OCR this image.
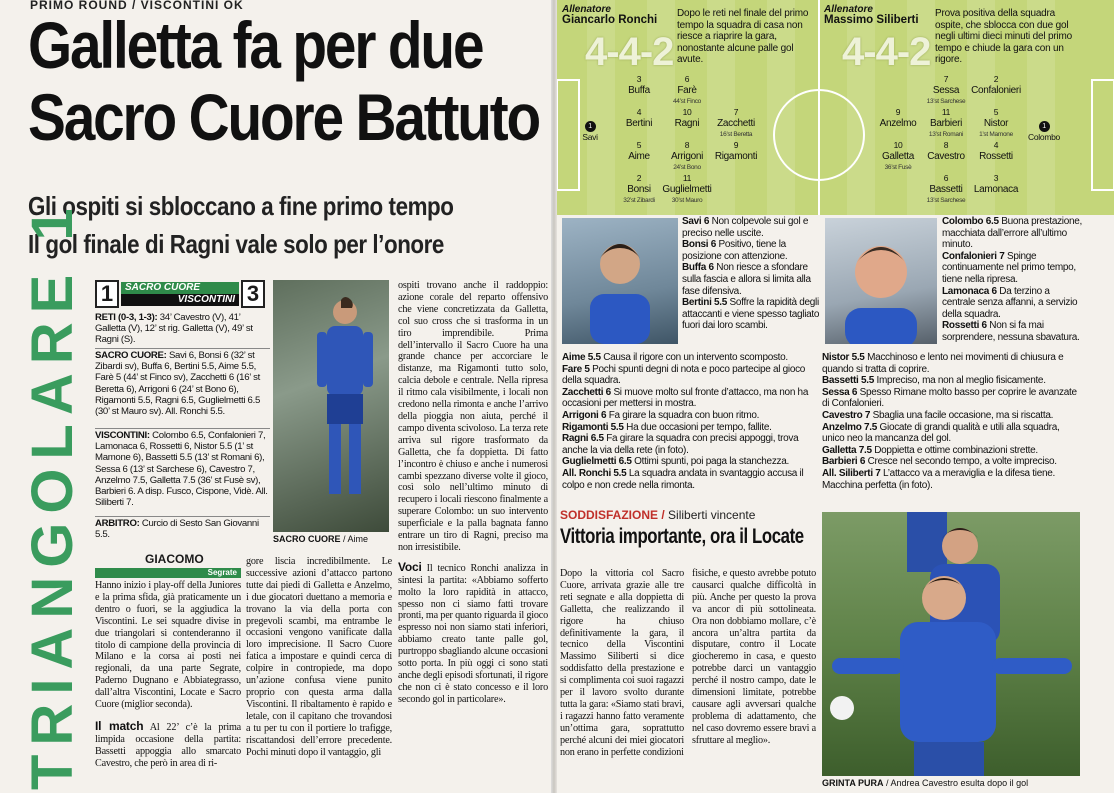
PRIMO ROUND / VISCONTINI OK
Galletta fa per due
Sacro Cuore Battuto
Gli ospiti si sbloccano a fine primo tempo
Il gol finale di Ragni vale solo per l’onore
TRIANGOLARE 1 1	SACRO CUORE
VISCONTINI 3
RETI (0-3, 1-3): 34’ Cavestro (V), 41’ Galletta (V), 12’ st rig. Galletta (V), 49’ st Ragni (S).
SACRO CUORE: Savi 6, Bonsi 6 (32’ st Zibardi sv), Buffa 6, Bertini 5.5, Aime 5.5, Farè 5 (44’ st Finco sv), Zacchetti 6 (16’ st Beretta 6), Arrigoni 6 (24’ st Bono 6), Rigamonti 5.5, Ragni 6.5, Guglielmetti 6.5 (30’ st Mauro sv). All. Ronchi 5.5.
VISCONTINI: Colombo 6.5, Confalonieri 7, Lamonaca 6, Rossetti 6, Nistor 5.5 (1’ st Mamone 6), Bassetti 5.5 (13’ st Romani 6), Sessa 6 (13’ st Sarchese 6), Cavestro 7, Anzelmo 7.5, Galletta 7.5 (36’ st Fusè sv), Barbieri 6. A disp. Fusco, Cispone, Vidè. All. Siliberti 7.
ARBITRO: Curcio di Sesto San Giovanni 5.5.	SACRO CUORE / Aime
GIACOMO
Segrate
Hanno inizio i play-off della Juniores e la prima sfida, già praticamente un dentro o fuori, se la aggiudica la Viscontini. Le sei squadre divise in due triangolari si contenderanno il titolo di campione della provincia di Milano e la corsa ai posti nei regionali, da una parte Segrate, Paderno Dugnano e Abbiategrasso, dall’altra Viscontini, Locate e Sacro Cuore (miglior seconda).
Il match Al 22’ c’è la prima limpida occasione della partita: Bassetti appoggia allo smarcato Cavestro, che però in area di ri-
gore liscia incredibilmente. Le successive azioni d’attacco partono tutte dai piedi di Galletta e Anzelmo, i due giocatori duettano a memoria e trovano la via della porta con pregevoli scambi, ma entrambe le occasioni vengono vanificate dalla loro imprecisione. Il Sacro Cuore fatica a impostare e quindi cerca di colpire in contropiede, ma dopo un’azione confusa viene punito proprio con questa arma dalla Viscontini. Il ribaltamento è rapido e letale, con il capitano che trovandosi a tu per tu con il portiere lo trafigge, riscattandosi dell’errore precedente. Pochi minuti dopo il vantaggio, gli
ospiti trovano anche il raddoppio: azione corale del reparto offensivo che viene concretizzata da Galletta, col suo cross che si trasforma in un tiro imprendibile. Prima dell’intervallo il Sacro Cuore ha una grande chance per accorciare le distanze, ma Rigamonti tutto solo, calcia debole e centrale. Nella ripresa il ritmo cala visibilmente, i locali non credono nella rimonta e anche l’arrivo della pioggia non aiuta, perché il campo diventa scivoloso. La terza rete arriva sul rigore trasformato da Galletta, che fa doppietta. Di fatto l’incontro è chiuso e anche i numerosi cambi spezzano diverse volte il gioco, così solo nell’ultimo minuto di recupero i locali riescono finalmente a superare Colombo: un suo intervento superficiale e la palla bagnata fanno entrare un tiro di Ragni, preciso ma non irresistibile.
Voci Il tecnico Ronchi analizza in sintesi la partita: «Abbiamo sofferto molto la loro rapidità in attacco, spesso non ci siamo fatti trovare pronti, ma per quanto riguarda il gioco espresso noi non siamo stati inferiori, abbiamo creato tante palle gol, purtroppo sbagliando alcune occasioni sotto porta. In più oggi ci sono stati anche degli episodi sfortunati, il rigore che non ci è stato concesso e il loro secondo gol in particolare».
Allenatore
Giancarlo Ronchi
4-4-2
Dopo le reti nel finale del primo tempo la squadra di casa non riesce a riaprire la gara, nonostante alcune palle gol avute.
1
Savi
3
Buffa
4
Bertini
5
Aime
2
Bonsi
32’st Zibardi
6
Farè
44’st Finco
10
Ragni
8
Arrigoni
24’st Bono
11
Guglielmetti
30’st Mauro
7
Zacchetti
16’st Beretta
9
Rigamonti
Allenatore
Massimo Siliberti
4-4-2
Prova positiva della squadra ospite, che sblocca con due gol negli ultimi dieci minuti del primo tempo e chiude la gara con un rigore.
7
Sessa
13’st Sarchese
2
Confalonieri
9
Anzelmo
11
Barbieri
13’st Romani
5
Nistor
1’st Mamone
1
Colombo
10
Galletta
36’st Fusè
8
Cavestro
4
Rossetti
6
Bassetti
13’st Sarchese
3
Lamonaca
Savi 6 Non colpevole sui gol e preciso nelle uscite.
Bonsi 6 Positivo, tiene la posizione con attenzione.
Buffa 6 Non riesce a sfondare sulla fascia e allora si limita alla fase difensiva.
Bertini 5.5 Soffre la rapidità degli attaccanti e viene spesso tagliato fuori dai loro scambi.
Aime 5.5 Causa il rigore con un intervento scomposto.
Fare 5 Pochi spunti degni di nota e poco partecipe al gioco della squadra.
Zacchetti 6 Si muove molto sul fronte d’attacco, ma non ha occasioni per mettersi in mostra.
Arrigoni 6 Fa girare la squadra con buon ritmo.
Rigamonti 5.5 Ha due occasioni per tempo, fallite.
Ragni 6.5 Fa girare la squadra con precisi appoggi, trova anche la via della rete (in foto).
Guglielmetti 6.5 Ottimi spunti, poi paga la stanchezza.
All. Ronchi 5.5 La squadra andata in svantaggio accusa il colpo e non crede nella rimonta.
Colombo 6.5 Buona prestazione, macchiata dall’errore all’ultimo minuto.
Confalonieri 7 Spinge continuamente nel primo tempo, tiene nella ripresa.
Lamonaca 6 Da terzino a centrale senza affanni, a servizio della squadra.
Rossetti 6 Non si fa mai sorprendere, nessuna sbavatura.
Nistor 5.5 Macchinoso e lento nei movimenti di chiusura e quando si tratta di coprire.
Bassetti 5.5 Impreciso, ma non al meglio fisicamente.
Sessa 6 Spesso Rimane molto basso per coprire le avanzate di Confalonieri.
Cavestro 7 Sbaglia una facile occasione, ma si riscatta.
Anzelmo 7.5 Giocate di grandi qualità e utili alla squadra, unico neo la mancanza del gol.
Galletta 7.5 Doppietta e ottime combinazioni strette.
Barbieri 6 Cresce nel secondo tempo, a volte impreciso.
All. Siliberti 7 L’attacco va a meraviglia e la difesa tiene. Macchina perfetta (in foto).
SODDISFAZIONE / Siliberti vincente
Vittoria importante, ora il Locate
Dopo la vittoria col Sacro Cuore, arrivata grazie alle tre reti segnate e alla doppietta di Galletta, che realizzando il rigore ha chiuso definitivamente la gara, il tecnico della Viscontini Massimo Siliberti si dice soddisfatto della prestazione e si complimenta coi suoi ragazzi per il lavoro svolto durante tutta la gara: «Siamo stati bravi, i ragazzi hanno fatto veramente un’ottima gara, soprattutto perché alcuni dei miei giocatori non erano in perfette condizioni
fisiche, e questo avrebbe potuto causarci qualche difficoltà in più. Anche per questo la prova va ancor di più sottolineata. Ora non dobbiamo mollare, c’è ancora un’altra partita da disputare, contro il Locate giocheremo in casa, e questo potrebbe darci un vantaggio perché il nostro campo, date le dimensioni limitate, potrebbe causare agli avversari qualche problema di adattamento, che nel caso dovremo essere bravi a sfruttare al meglio».
GRINTA PURA / Andrea Cavestro esulta dopo il gol
